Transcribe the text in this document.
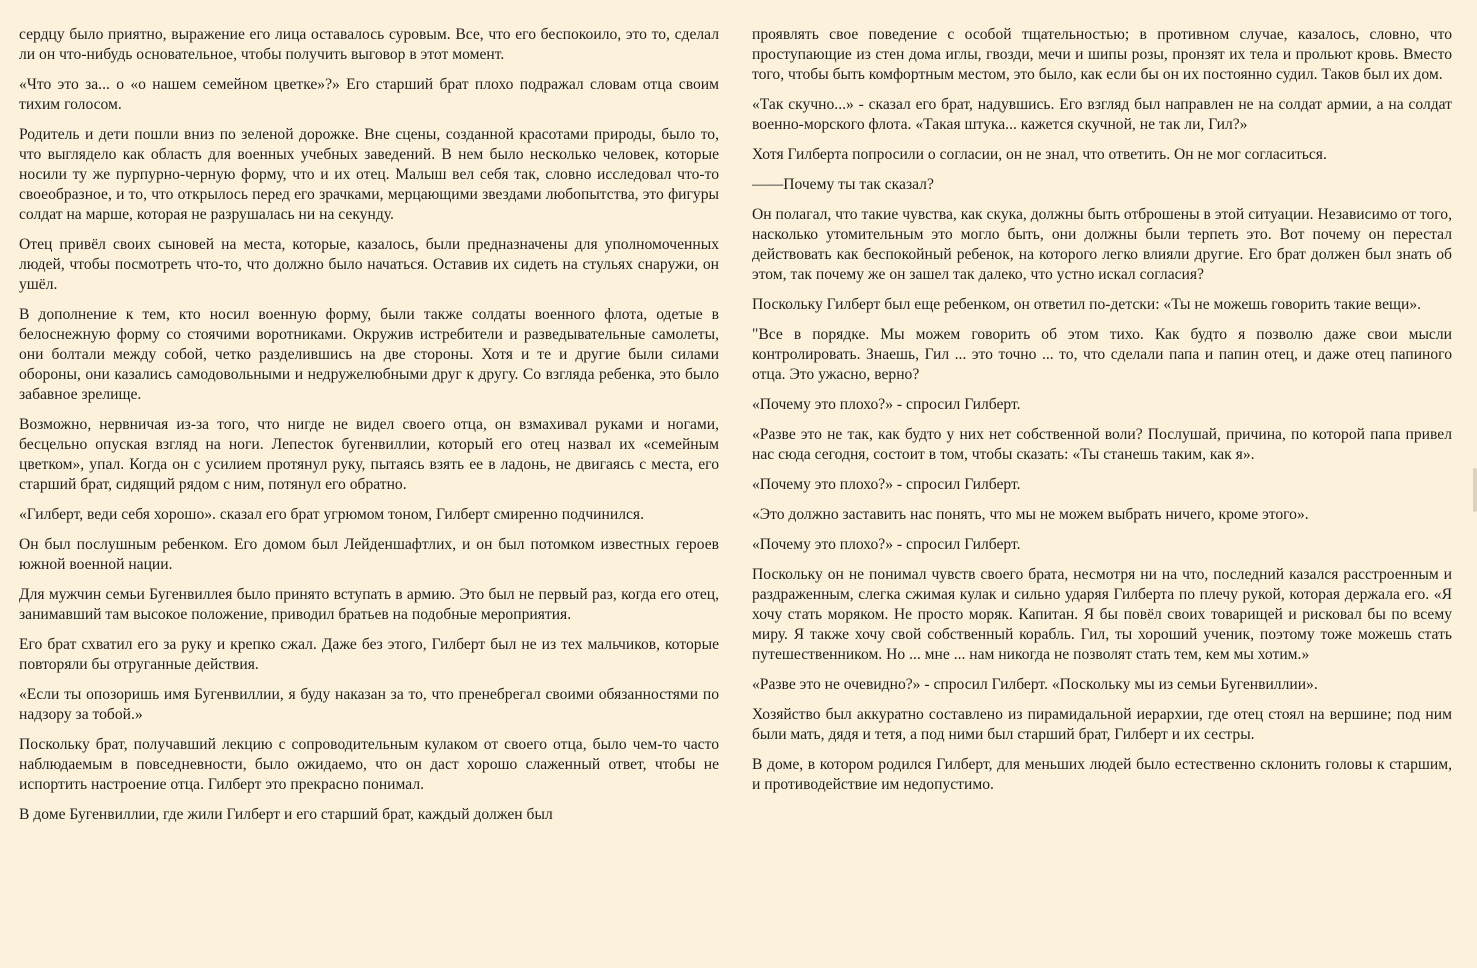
сердцу было приятно, выражение его лица оставалось суровым. Все, что его беспокоило, это то, сделал ли он что-нибудь основательное, чтобы получить выговор в этот момент.

«Что это за... о «о нашем семейном цветке»?» Его старший брат плохо подражал словам отца своим тихим голосом.

Родитель и дети пошли вниз по зеленой дорожке. Вне сцены, созданной красотами природы, было то, что выглядело как область для военных учебных заведений. В нем было несколько человек, которые носили ту же пурпурно-черную форму, что и их отец. Малыш вел себя так, словно исследовал что-то своеобразное, и то, что открылось перед его зрачками, мерцающими звездами любопытства, это фигуры солдат на марше, которая не разрушалась ни на секунду.

Отец привёл своих сыновей на места, которые, казалось, были предназначены для уполномоченных людей, чтобы посмотреть что-то, что должно было начаться. Оставив их сидеть на стульях снаружи, он ушёл.

В дополнение к тем, кто носил военную форму, были также солдаты военного флота, одетые в белоснежную форму со стоячими воротниками. Окружив истребители и разведывательные самолеты, они болтали между собой, четко разделившись на две стороны. Хотя и те и другие были силами обороны, они казались самодовольными и недружелюбными друг к другу. Со взгляда ребенка, это было забавное зрелище.

Возможно, нервничая из-за того, что нигде не видел своего отца, он взмахивал руками и ногами, бесцельно опуская взгляд на ноги. Лепесток бугенвиллии, который его отец назвал их «семейным цветком», упал. Когда он с усилием протянул руку, пытаясь взять ее в ладонь, не двигаясь с места, его старший брат, сидящий рядом с ним, потянул его обратно.

«Гилберт, веди себя хорошо». сказал его брат угрюмом тоном, Гилберт смиренно подчинился.

Он был послушным ребенком. Его домом был Лейденшафтлих, и он был потомком известных героев южной военной нации.

Для мужчин семьи Бугенвиллея было принято вступать в армию. Это был не первый раз, когда его отец, занимавший там высокое положение, приводил братьев на подобные мероприятия.

Его брат схватил его за руку и крепко сжал. Даже без этого, Гилберт был не из тех мальчиков, которые повторяли бы отруганные действия.

«Если ты опозоришь имя Бугенвиллии, я буду наказан за то, что пренебрегал своими обязанностями по надзору за тобой.»

Поскольку брат, получавший лекцию с сопроводительным кулаком от своего отца, было чем-то часто наблюдаемым в повседневности, было ожидаемо, что он даст хорошо слаженный ответ, чтобы не испортить настроение отца. Гилберт это прекрасно понимал.

В доме Бугенвиллии, где жили Гилберт и его старший брат, каждый должен был

проявлять свое поведение с особой тщательностью; в противном случае, казалось, словно, что проступающие из стен дома иглы, гвозди, мечи и шипы розы, пронзят их тела и прольют кровь. Вместо того, чтобы быть комфортным местом, это было, как если бы он их постоянно судил. Таков был их дом.

«Так скучно...» - сказал его брат, надувшись. Его взгляд был направлен не на солдат армии, а на солдат военно-морского флота. «Такая штука... кажется скучной, не так ли, Гил?»

Хотя Гилберта попросили о согласии, он не знал, что ответить. Он не мог согласиться.

——Почему ты так сказал?

Он полагал, что такие чувства, как скука, должны быть отброшены в этой ситуации. Независимо от того, насколько утомительным это могло быть, они должны были терпеть это. Вот почему он перестал действовать как беспокойный ребенок, на которого легко влияли другие. Его брат должен был знать об этом, так почему же он зашел так далеко, что устно искал согласия?

Поскольку Гилберт был еще ребенком, он ответил по-детски: «Ты не можешь говорить такие вещи».

"Все в порядке. Мы можем говорить об этом тихо. Как будто я позволю даже свои мысли контролировать. Знаешь, Гил ... это точно ... то, что сделали папа и папин отец, и даже отец папиного отца. Это ужасно, верно?

«Почему это плохо?» - спросил Гилберт.

«Разве это не так, как будто у них нет собственной воли? Послушай, причина, по которой папа привел нас сюда сегодня, состоит в том, чтобы сказать: «Ты станешь таким, как я».

«Почему это плохо?» - спросил Гилберт.

«Это должно заставить нас понять, что мы не можем выбрать ничего, кроме этого».

«Почему это плохо?» - спросил Гилберт.

Поскольку он не понимал чувств своего брата, несмотря ни на что, последний казался расстроенным и раздраженным, слегка сжимая кулак и сильно ударяя Гилберта по плечу рукой, которая держала его. «Я хочу стать моряком. Не просто моряк. Капитан. Я бы повёл своих товарищей и рисковал бы по всему миру. Я также хочу свой собственный корабль. Гил, ты хороший ученик, поэтому тоже можешь стать путешественником. Но ... мне ... нам никогда не позволят стать тем, кем мы хотим.»

«Разве это не очевидно?» - спросил Гилберт. «Поскольку мы из семьи Бугенвиллии».

Хозяйство был аккуратно составлено из пирамидальной иерархии, где отец стоял на вершине; под ним были мать, дядя и тетя, а под ними был старший брат, Гилберт и их сестры.

В доме, в котором родился Гилберт, для меньших людей было естественно склонить головы к старшим, и противодействие им недопустимо.
